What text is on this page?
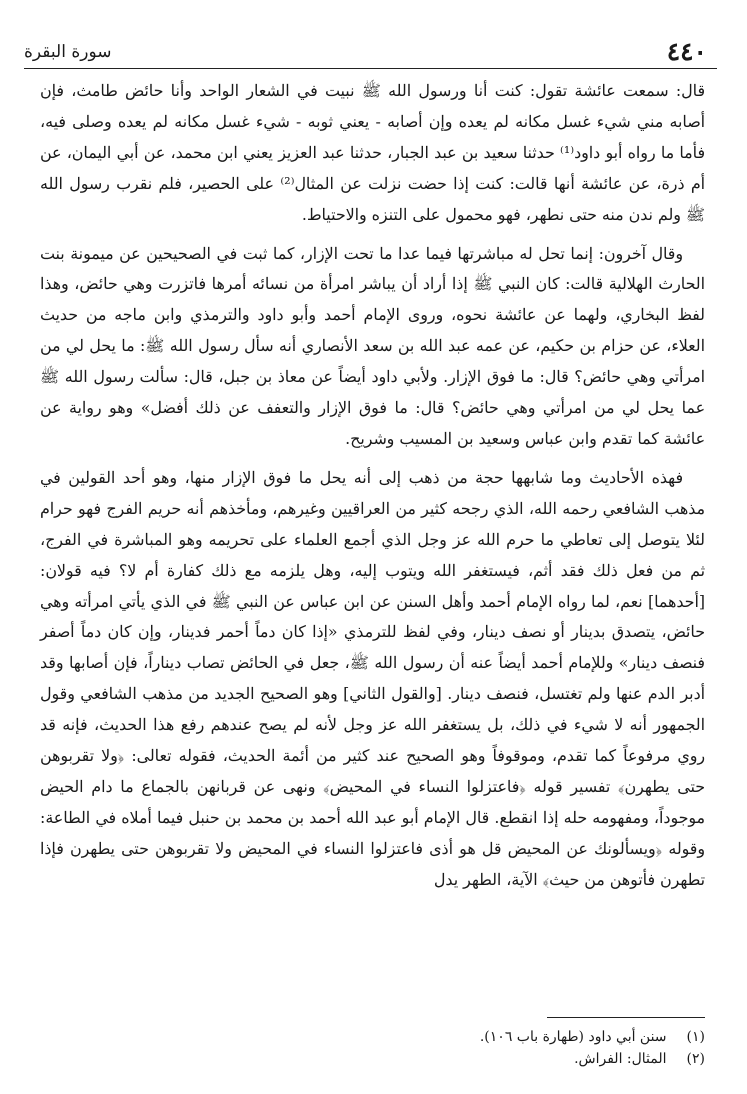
سورة البقرة	٤٤٠

قال: سمعت عائشة تقول: كنت أنا ورسول الله ﷺ نبيت في الشعار الواحد وأنا حائض طامث، فإن أصابه مني شيء غسل مكانه لم يعده وإن أصابه - يعني ثوبه - شيء غسل مكانه لم يعده وصلى فيه، فأما ما رواه أبو داود⁽¹⁾ حدثنا سعيد بن عبد الجبار، حدثنا عبد العزيز يعني ابن محمد، عن أبي اليمان، عن أم ذرة، عن عائشة أنها قالت: كنت إذا حضت نزلت عن المثال⁽²⁾ على الحصير، فلم نقرب رسول الله ﷺ ولم ندن منه حتى نطهر، فهو محمول على التنزه والاحتياط.

وقال آخرون: إنما تحل له مباشرتها فيما عدا ما تحت الإزار، كما ثبت في الصحيحين عن ميمونة بنت الحارث الهلالية قالت: كان النبي ﷺ إذا أراد أن يباشر امرأة من نسائه أمرها فاتزرت وهي حائض، وهذا لفظ البخاري، ولهما عن عائشة نحوه، وروى الإمام أحمد وأبو داود والترمذي وابن ماجه من حديث العلاء، عن حزام بن حكيم، عن عمه عبد الله بن سعد الأنصاري أنه سأل رسول الله ﷺ: ما يحل لي من امرأتي وهي حائض؟ قال: ما فوق الإزار. ولأبي داود أيضاً عن معاذ بن جبل، قال: سألت رسول الله ﷺ عما يحل لي من امرأتي وهي حائض؟ قال: ما فوق الإزار والتعفف عن ذلك أفضل» وهو رواية عن عائشة كما تقدم وابن عباس وسعيد بن المسيب وشريح.

فهذه الأحاديث وما شابهها حجة من ذهب إلى أنه يحل ما فوق الإزار منها، وهو أحد القولين في مذهب الشافعي رحمه الله، الذي رجحه كثير من العراقيين وغيرهم، ومأخذهم أنه حريم الفرج فهو حرام لئلا يتوصل إلى تعاطي ما حرم الله عز وجل الذي أجمع العلماء على تحريمه وهو المباشرة في الفرج، ثم من فعل ذلك فقد أثم، فيستغفر الله ويتوب إليه، وهل يلزمه مع ذلك كفارة أم لا؟ فيه قولان: [أحدهما] نعم، لما رواه الإمام أحمد وأهل السنن عن ابن عباس عن النبي ﷺ في الذي يأتي امرأته وهي حائض، يتصدق بدينار أو نصف دينار، وفي لفظ للترمذي «إذا كان دماً أحمر فدينار، وإن كان دماً أصفر فنصف دينار» وللإمام أحمد أيضاً عنه أن رسول الله ﷺ، جعل في الحائض تصاب ديناراً، فإن أصابها وقد أدبر الدم عنها ولم تغتسل، فنصف دينار. [والقول الثاني] وهو الصحيح الجديد من مذهب الشافعي وقول الجمهور أنه لا شيء في ذلك، بل يستغفر الله عز وجل لأنه لم يصح عندهم رفع هذا الحديث، فإنه قد روي مرفوعاً كما تقدم، وموقوفاً وهو الصحيح عند كثير من أئمة الحديث، فقوله تعالى: ﴿ولا تقربوهن حتى يطهرن﴾ تفسير قوله ﴿فاعتزلوا النساء في المحيض﴾ ونهى عن قربانهن بالجماع ما دام الحيض موجوداً، ومفهومه حله إذا انقطع. قال الإمام أبو عبد الله أحمد بن محمد بن حنبل فيما أملاه في الطاعة: وقوله ﴿ويسألونك عن المحيض قل هو أذى فاعتزلوا النساء في المحيض ولا تقربوهن حتى يطهرن فإذا تطهرن فأتوهن من حيث﴾ الآية، الطهر يدل

(١) سنن أبي داود (طهارة باب ١٠٦).
(٢) المثال: الفراش.
